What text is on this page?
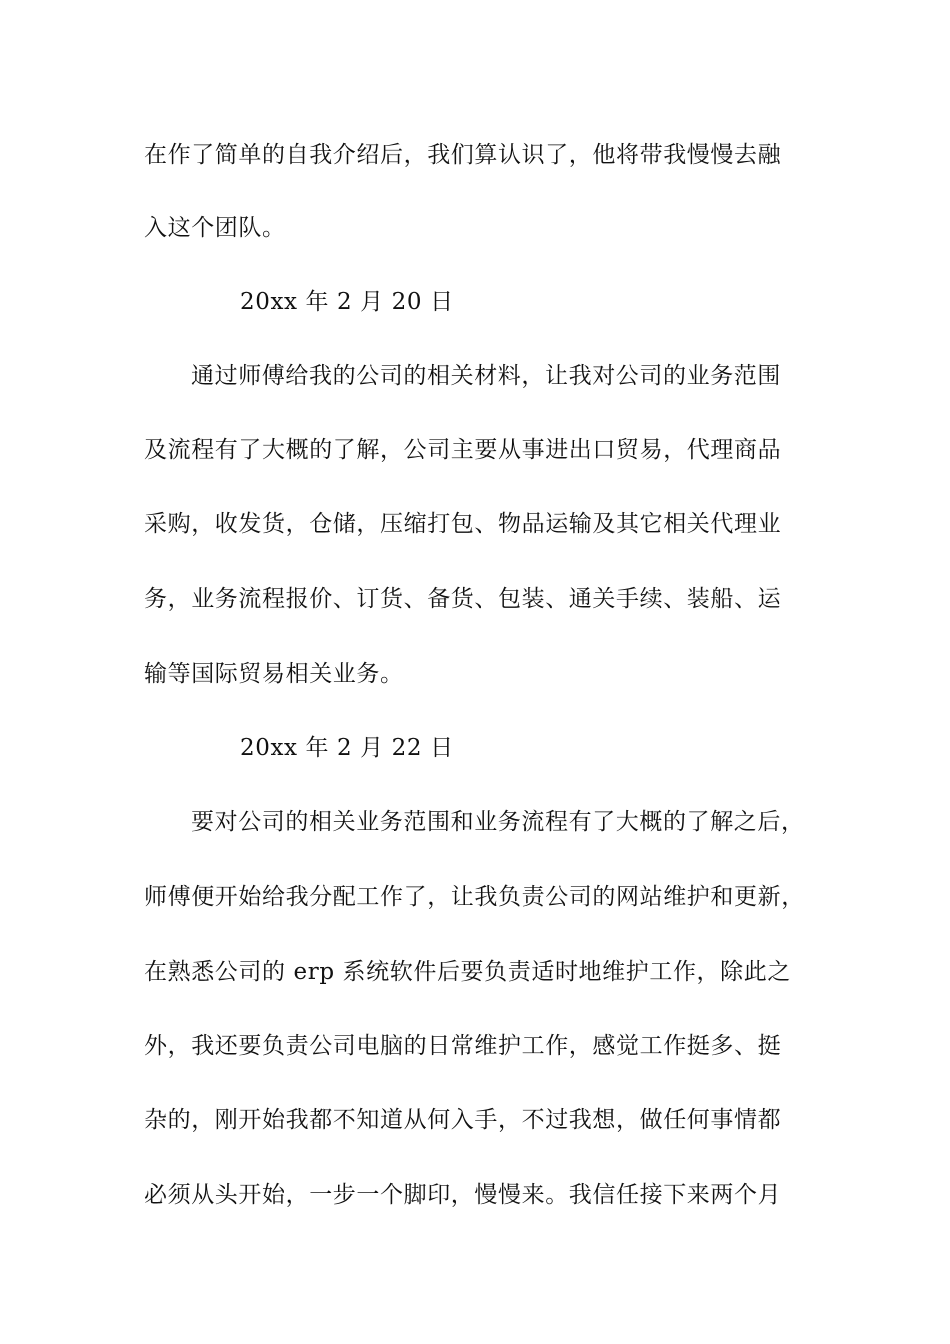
在作了简单的自我介绍后，我们算认识了，他将带我慢慢去融
入这个团队。
20xx 年 2 月 20 日
通过师傅给我的公司的相关材料，让我对公司的业务范围
及流程有了大概的了解，公司主要从事进出口贸易，代理商品
采购，收发货，仓储，压缩打包、物品运输及其它相关代理业
务，业务流程报价、订货、备货、包装、通关手续、装船、运
输等国际贸易相关业务。
20xx 年 2 月 22 日
要对公司的相关业务范围和业务流程有了大概的了解之后，
师傅便开始给我分配工作了，让我负责公司的网站维护和更新，
在熟悉公司的 erp 系统软件后要负责适时地维护工作，除此之
外，我还要负责公司电脑的日常维护工作，感觉工作挺多、挺
杂的，刚开始我都不知道从何入手，不过我想，做任何事情都
必须从头开始，一步一个脚印，慢慢来。我信任接下来两个月
